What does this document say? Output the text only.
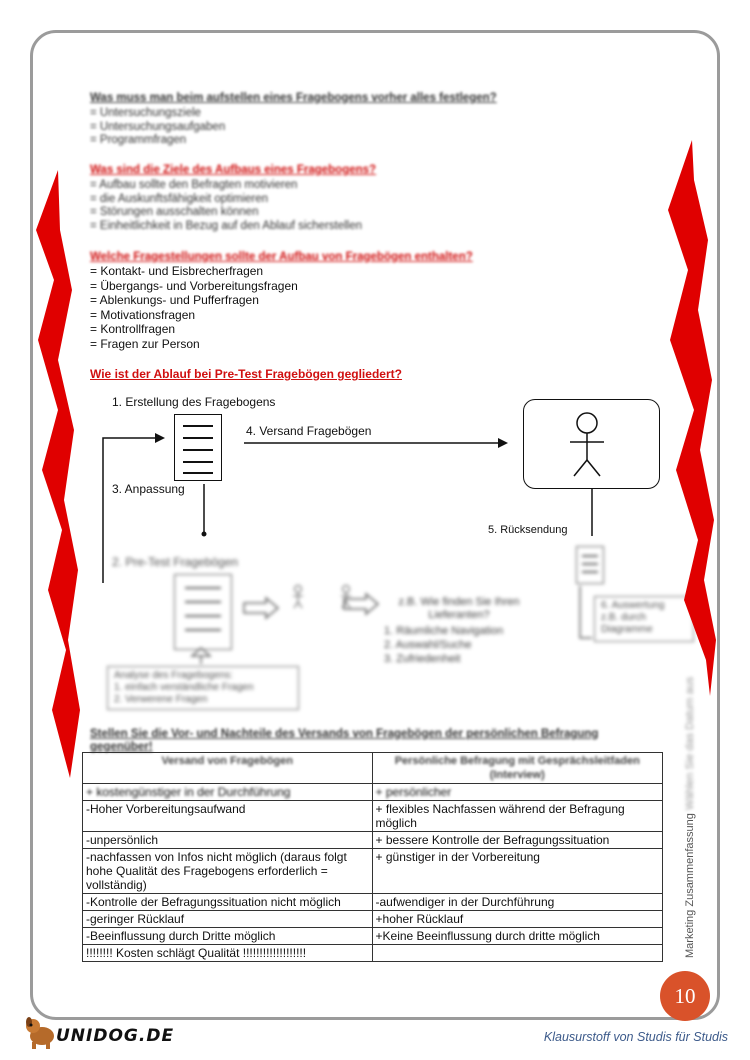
Was muss man beim aufstellen eines Fragebogens vorher alles festlegen?
= Untersuchungsziele
= Untersuchungsaufgaben
= Programmfragen
Was sind die Ziele des Aufbaus eines Fragebogens?
= Aufbau sollte den Befragten motivieren
= die Auskunftsfähigkeit optimieren
= Störungen ausschalten können
= Einheitlichkeit in Bezug auf den Ablauf sicherstellen
Welche Fragestellungen sollte der Aufbau von Fragebögen enthalten?
= Kontakt- und Eisbrecherfragen
= Übergangs- und Vorbereitungsfragen
= Ablenkungs- und Pufferfragen
= Motivationsfragen
= Kontrollfragen
= Fragen zur Person
Wie ist der Ablauf bei Pre-Test Fragebögen gegliedert?
1. Erstellung des Fragebogens
4. Versand Fragebögen
3. Anpassung
5. Rücksendung
2. Pre-Test Fragebögen
z.B. Wie finden Sie Ihren Lieferanten?
1. Räumliche Navigation
2. Auswahl/Suche
3. Zufriedenheit
Analyse des Fragebogens:
1. einfach verständliche Fragen
2. Verwerene Fragen
6. Auswertung
z.B. durch
Diagramme
Stellen Sie die Vor- und Nachteile des Versands von Fragebögen der persönlichen Befragung gegenüber!
Versand von Fragebögen	Persönliche Befragung mit Gesprächsleitfaden (Interview)
+ kostengünstiger in der Durchführung	+ persönlicher
-Hoher Vorbereitungsaufwand	+ flexibles Nachfassen während der Befragung möglich
-unpersönlich	+ bessere Kontrolle der Befragungssituation
-nachfassen von Infos nicht möglich (daraus folgt hohe Qualität des Fragebogens erforderlich = vollständig)	+ günstiger in der Vorbereitung
-Kontrolle der Befragungssituation nicht möglich	-aufwendiger in der Durchführung
-geringer Rücklauf	+hoher Rücklauf
-Beeinflussung durch Dritte möglich	+Keine Beeinflussung durch dritte möglich
!!!!!!!! Kosten schlägt Qualität !!!!!!!!!!!!!!!!!!!		Marketing Zusammenfassung Wählen Sie das Datum aus
10
UNIDOG.DE	Klausurstoff von Studis für Studis
